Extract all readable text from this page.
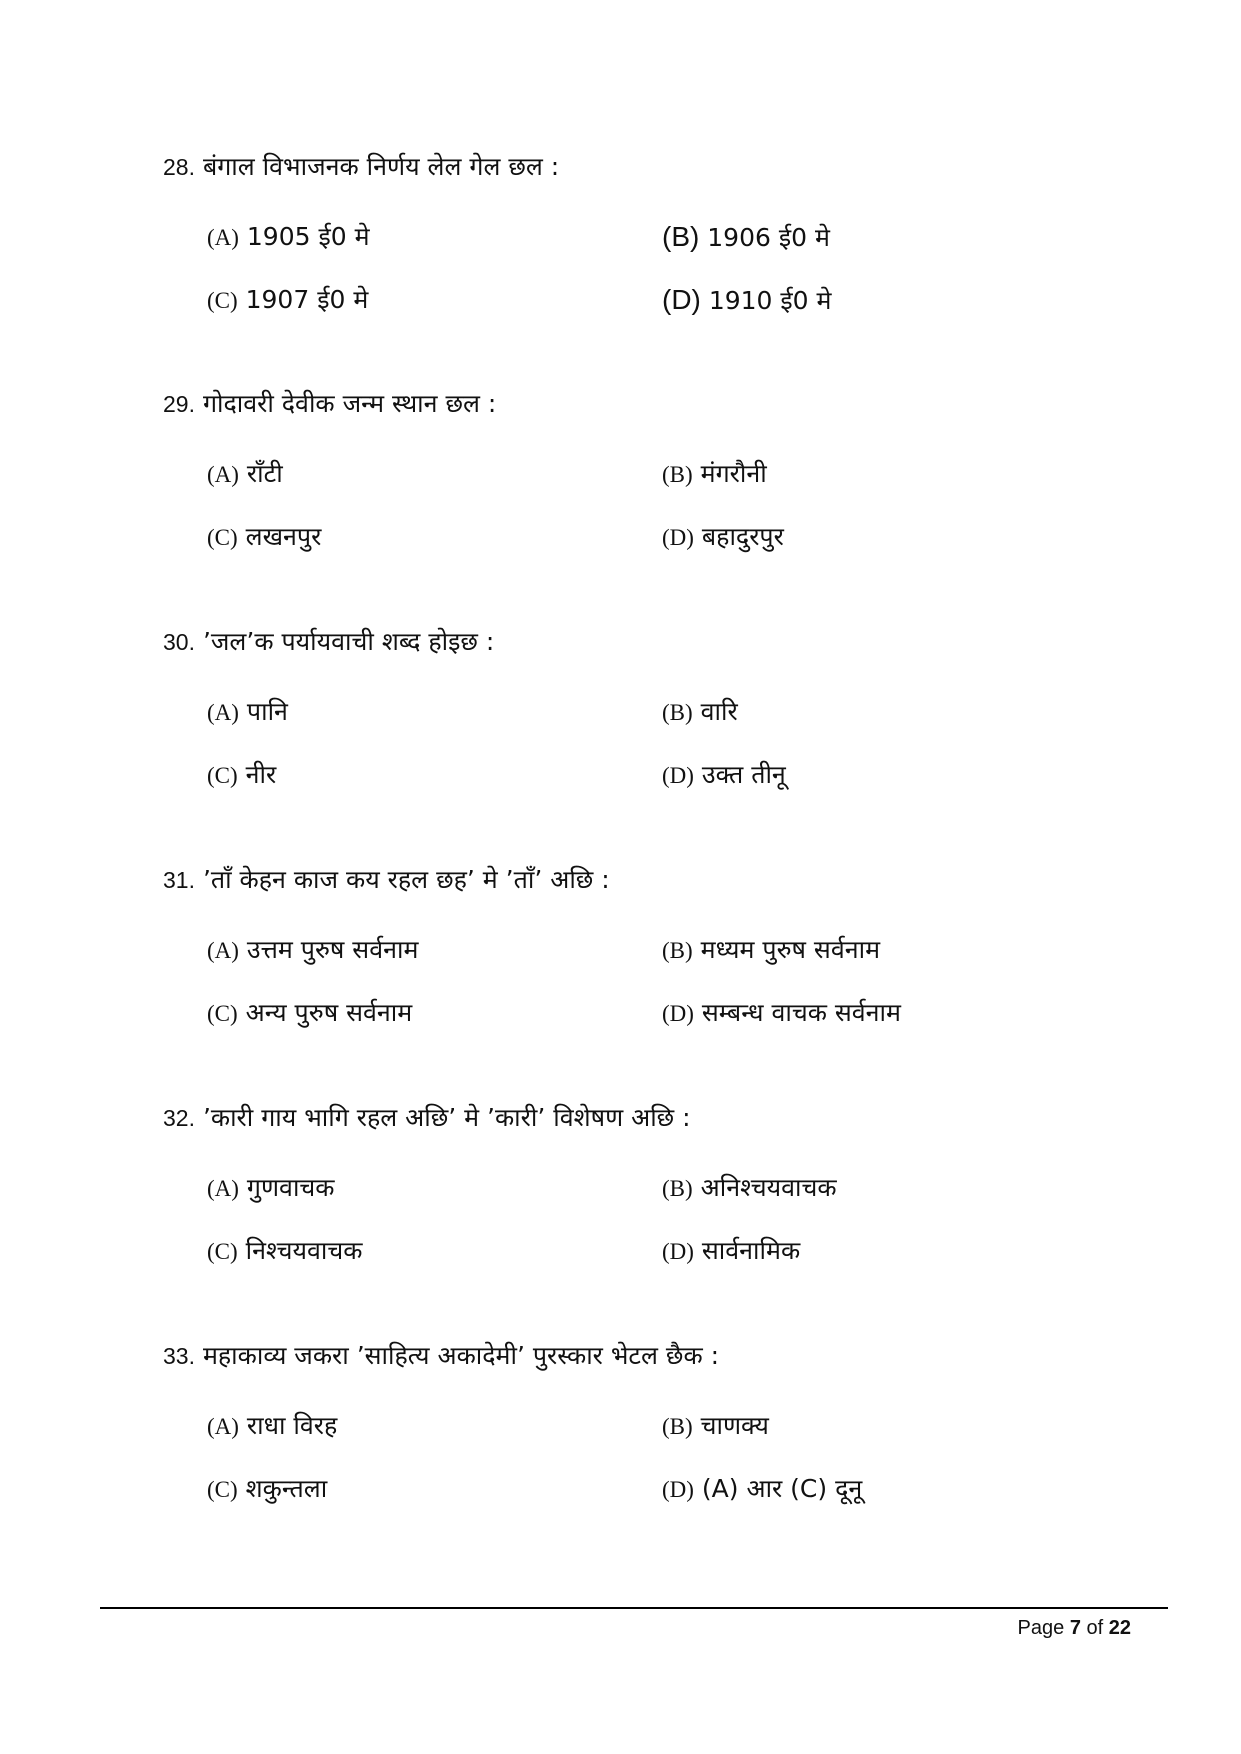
28. बंगाल विभाजनक निर्णय लेल गेल छल :
(A) 1905 ई0 मे	(B) 1906 ई0 मे
(C) 1907 ई0 मे	(D) 1910 ई0 मे
29. गोदावरी देवीक जन्म स्थान छल :
(A) राँटी	(B) मंगरौनी
(C) लखनपुर	(D) बहादुरपुर
30. ’जल’क पर्यायवाची शब्द होइछ :
(A) पानि	(B) वारि
(C) नीर	(D) उक्त तीनू
31. ’ताँ केहन काज कय रहल छह’ मे ’ताँ’ अछि :
(A) उत्तम पुरुष सर्वनाम	(B) मध्यम पुरुष सर्वनाम
(C) अन्य पुरुष सर्वनाम	(D) सम्बन्ध वाचक सर्वनाम
32. ’कारी गाय भागि रहल अछि’ मे ’कारी’ विशेषण अछि :
(A) गुणवाचक	(B) अनिश्चयवाचक
(C) निश्चयवाचक	(D) सार्वनामिक
33. महाकाव्य जकरा ’साहित्य अकादेमी’ पुरस्कार भेटल छैक :
(A) राधा विरह	(B) चाणक्य
(C) शकुन्तला	(D) (A) आर (C) दूनू
Page 7 of 22
